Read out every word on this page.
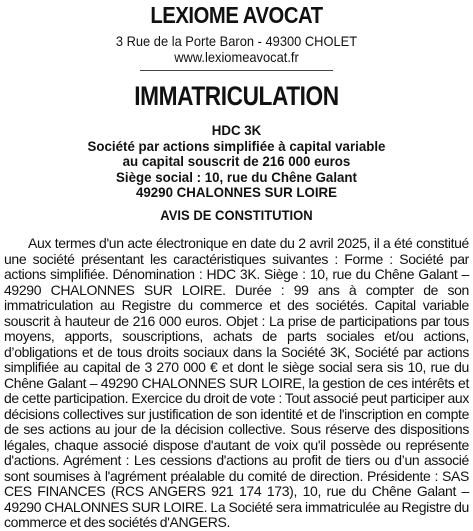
LEXIOME AVOCAT

3 Rue de la Porte Baron - 49300 CHOLET

www.lexiomeavocat.fr

IMMATRICULATION
HDC 3K
Société par actions simplifiée à capital variable
au capital souscrit de 216 000 euros
Siège social : 10, rue du Chêne Galant
49290 CHALONNES SUR LOIRE
AVIS DE CONSTITUTION

Aux termes d'un acte électronique en date du 2 avril 2025, il a été constitué une société présentant les caractéristiques suivantes : Forme : Société par actions simplifiée. Dénomination : HDC 3K. Siège : 10, rue du Chêne Galant – 49290 CHALONNES SUR LOIRE. Durée : 99 ans à compter de son immatriculation au Registre du commerce et des sociétés. Capital variable souscrit à hauteur de 216 000 euros. Objet : La prise de participations par tous moyens, apports, souscriptions, achats de parts sociales et/ou actions, d’obligations et de tous droits sociaux dans la Société 3K, Société par actions simplifiée au capital de 3 270 000 € et dont le siège social sera sis 10, rue du Chêne Galant – 49290 CHALONNES SUR LOIRE, la gestion de ces intérêts et de cette participation. Exercice du droit de vote : Tout associé peut participer aux décisions collectives sur justification de son identité et de l'inscription en compte de ses actions au jour de la décision collective. Sous réserve des dispositions légales, chaque associé dispose d'autant de voix qu'il possède ou représente d'actions. Agrément : Les cessions d'actions au profit de tiers ou d’un associé sont soumises à l'agrément préalable du comité de direction. Présidente : SAS CES FINANCES (RCS ANGERS 921 174 173), 10, rue du Chêne Galant – 49290 CHALONNES SUR LOIRE. La Société sera immatriculée au Registre du commerce et des sociétés d'ANGERS.
